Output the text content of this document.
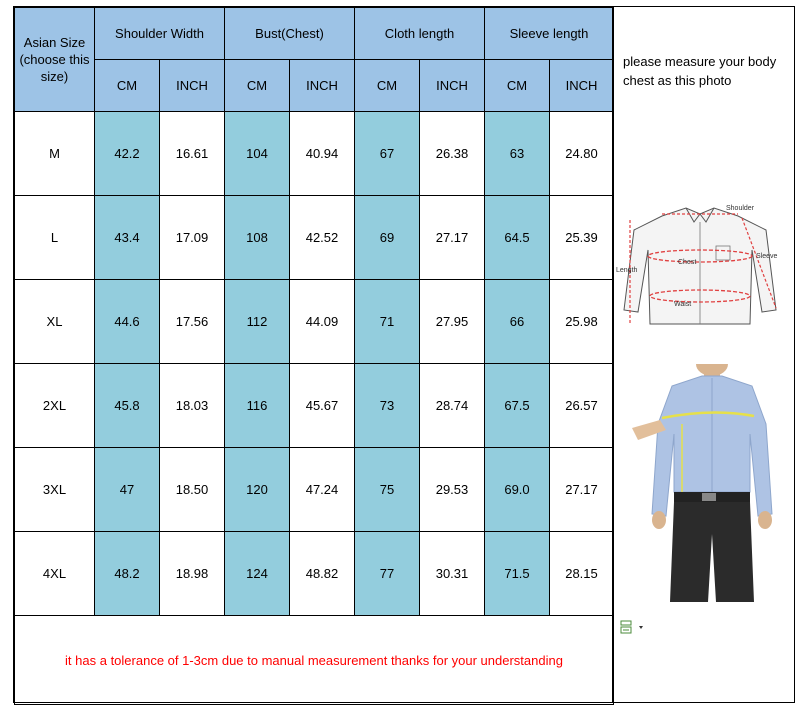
Asian Size
(choose this size)	Shoulder Width		Bust(Chest)		Cloth length		Sleeve length	
	CM	INCH	CM	INCH	CM	INCH	CM	INCH
M	42.2	16.61	104	40.94	67	26.38	63	24.80
L	43.4	17.09	108	42.52	69	27.17	64.5	25.39
XL	44.6	17.56	112	44.09	71	27.95	66	25.98
2XL	45.8	18.03	116	45.67	73	28.74	67.5	26.57
3XL	47	18.50	120	47.24	75	29.53	69.0	27.17
4XL	48.2	18.98	124	48.82	77	30.31	71.5	28.15
it has a tolerance of 1-3cm due to manual measurement thanks for your understanding								
please measure your body
chest as this photo
Shoulder
Sleeve
Length
Chest
Waist
